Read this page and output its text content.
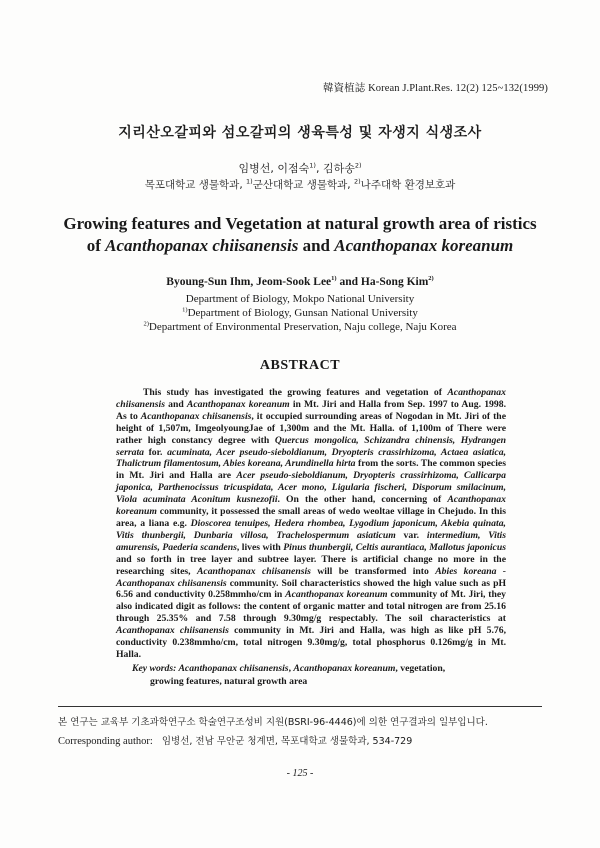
韓資植誌 Korean J.Plant.Res. 12(2) 125~132(1999)
지리산오갈피와 섬오갈피의 생육특성 및 자생지 식생조사
임병선, 이점숙$^{1)}$, 김하송$^{2)}$
목포대학교 생물학과, $^{1)}$군산대학교 생물학과, $^{2)}$나주대학 환경보호과
Growing features and Vegetation at natural growth area of ristics
of Acanthopanax chiisanensis and Acanthopanax koreanum
Byoung-Sun Ihm, Jeom-Sook Lee$^{1)}$ and Ha-Song Kim$^{2)}$
Department of Biology, Mokpo National University
$^{1)}$Department of Biology, Gunsan National University
$^{2)}$Department of Environmental Preservation, Naju college, Naju Korea
ABSTRACT
This study has investigated the growing features and vegetation of Acanthopanax chiisanensis and Acanthopanax koreanum in Mt. Jiri and Halla from Sep. 1997 to Aug. 1998. As to Acanthopanax chiisanensis, it occupied surrounding areas of Nogodan in Mt. Jiri of the height of 1,507m, ImgeolyoungJae of 1,300m and the Mt. Halla. of 1,100m of There were rather high constancy degree with Quercus mongolica, Schizandra chinensis, Hydrangen serrata for. acuminata, Acer pseudo-sieboldianum, Dryopteris crassirhizoma, Actaea asiatica, Thalictrum filamentosum, Abies koreana, Arundinella hirta from the sorts. The common species in Mt. Jiri and Halla are Acer pseudo-sieboldianum, Dryopteris crassirhizoma, Callicarpa japonica, Parthenocissus tricuspidata, Acer mono, Ligularia fischeri, Disporum smilacinum, Viola acuminata Aconitum kusnezofii. On the other hand, concerning of Acanthopanax koreanum community, it possessed the small areas of wedo weoltae village in Chejudo. In this area, a liana e.g. Dioscorea tenuipes, Hedera rhombea, Lygodium japonicum, Akebia quinata, Vitis thunbergii, Dunbaria villosa, Trachelospermum asiaticum var. intermedium, Vitis amurensis, Paederia scandens, lives with Pinus thunbergii, Celtis aurantiaca, Mallotus japonicus and so forth in tree layer and subtree layer. There is artificial change no more in the researching sites, Acanthopanax chiisanensis will be transformed into Abies koreana - Acanthopanax chiisanensis community. Soil characteristics showed the high value such as pH 6.56 and conductivity 0.258mmho/cm in Acanthopanax koreanum community of Mt. Jiri, they also indicated digit as follows: the content of organic matter and total nitrogen are from 25.16 through 25.35% and 7.58 through 9.30mg/g respectably. The soil characteristics at Acanthopanax chiisanensis community in Mt. Jiri and Halla, was high as like pH 5.76, conductivity 0.238mmho/cm, total nitrogen 9.30mg/g, total phosphorus 0.126mg/g in Mt. Halla.
Key words: Acanthopanax chiisanensis, Acanthopanax koreanum, vegetation,
growing features, natural growth area
본 연구는 교육부 기초과학연구소 학술연구조성비 지원(BSRI-96-4446)에 의한 연구결과의 일부입니다.
Corresponding author: 임병선, 전남 무안군 청계면, 목포대학교 생물학과, 534-729
- 125 -
